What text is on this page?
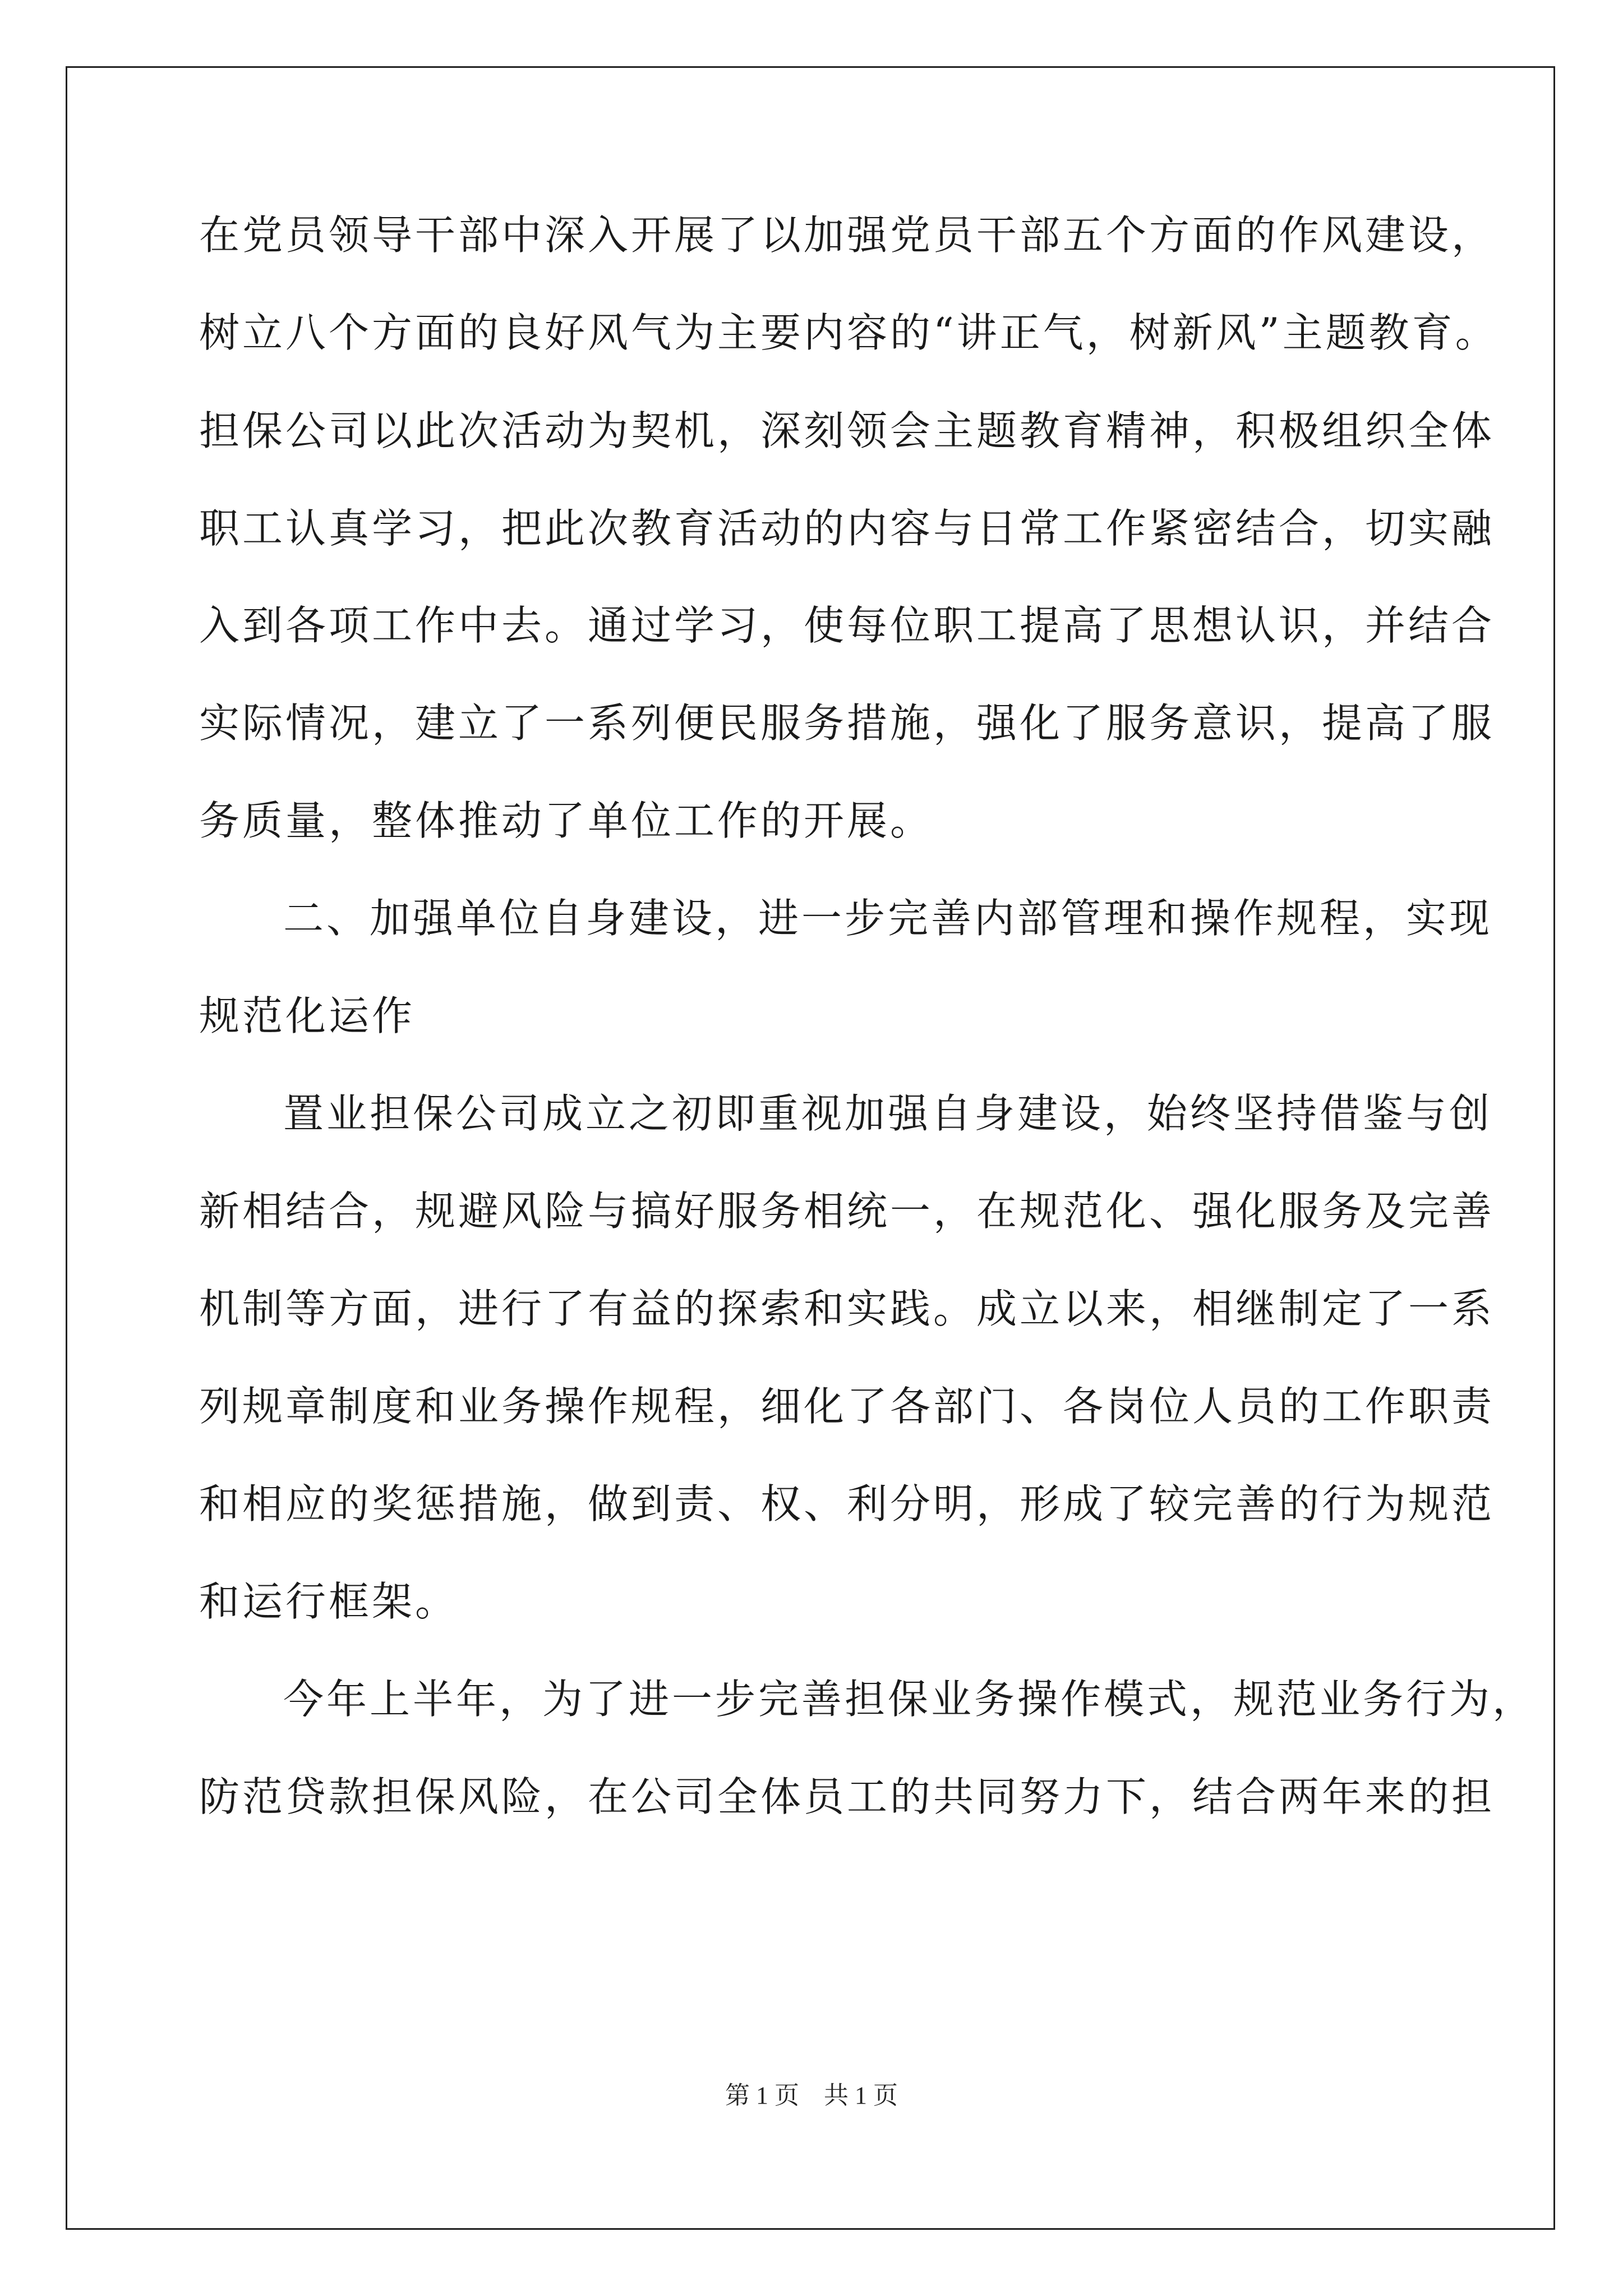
在党员领导干部中深入开展了以加强党员干部五个方面的作风建设，
树立八个方面的良好风气为主要内容的“讲正气，树新风”主题教育。
担保公司以此次活动为契机，深刻领会主题教育精神，积极组织全体
职工认真学习，把此次教育活动的内容与日常工作紧密结合，切实融
入到各项工作中去。通过学习，使每位职工提高了思想认识，并结合
实际情况，建立了一系列便民服务措施，强化了服务意识，提高了服
务质量，整体推动了单位工作的开展。
二、加强单位自身建设，进一步完善内部管理和操作规程，实现
规范化运作
置业担保公司成立之初即重视加强自身建设，始终坚持借鉴与创
新相结合，规避风险与搞好服务相统一，在规范化、强化服务及完善
机制等方面，进行了有益的探索和实践。成立以来，相继制定了一系
列规章制度和业务操作规程，细化了各部门、各岗位人员的工作职责
和相应的奖惩措施，做到责、权、利分明，形成了较完善的行为规范
和运行框架。
今年上半年，为了进一步完善担保业务操作模式，规范业务行为，
防范贷款担保风险，在公司全体员工的共同努力下，结合两年来的担
第 1 页　共 1 页
